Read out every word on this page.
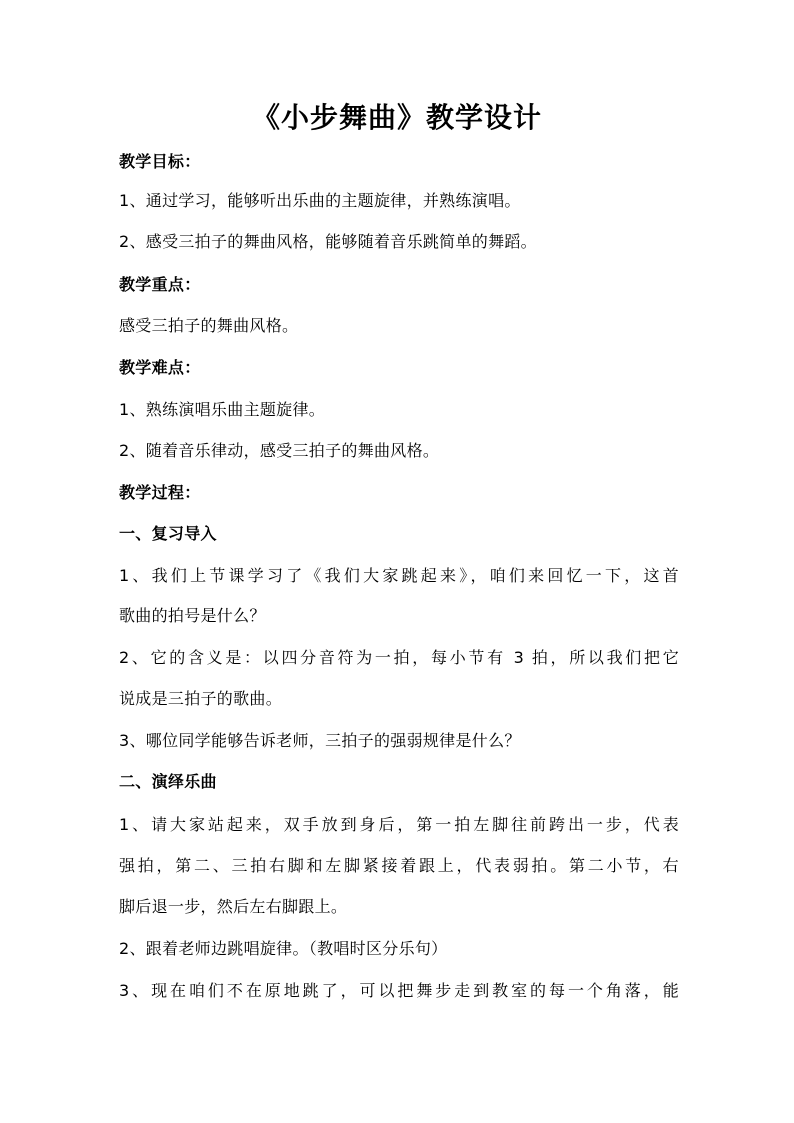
《小步舞曲》教学设计
教学目标：
1、通过学习，能够听出乐曲的主题旋律，并熟练演唱。
2、感受三拍子的舞曲风格，能够随着音乐跳简单的舞蹈。
教学重点：
感受三拍子的舞曲风格。
教学难点：
1、熟练演唱乐曲主题旋律。
2、随着音乐律动，感受三拍子的舞曲风格。
教学过程：
一、复习导入
1、我们上节课学习了《我们大家跳起来》，咱们来回忆一下，这首
歌曲的拍号是什么？
2、它的含义是：以四分音符为一拍，每小节有 3 拍，所以我们把它
说成是三拍子的歌曲。
3、哪位同学能够告诉老师，三拍子的强弱规律是什么？
二、演绎乐曲
1、请大家站起来，双手放到身后，第一拍左脚往前跨出一步，代表
强拍，第二、三拍右脚和左脚紧接着跟上，代表弱拍。第二小节，右
脚后退一步，然后左右脚跟上。
2、跟着老师边跳唱旋律。（教唱时区分乐句）
3、现在咱们不在原地跳了，可以把舞步走到教室的每一个角落，能
